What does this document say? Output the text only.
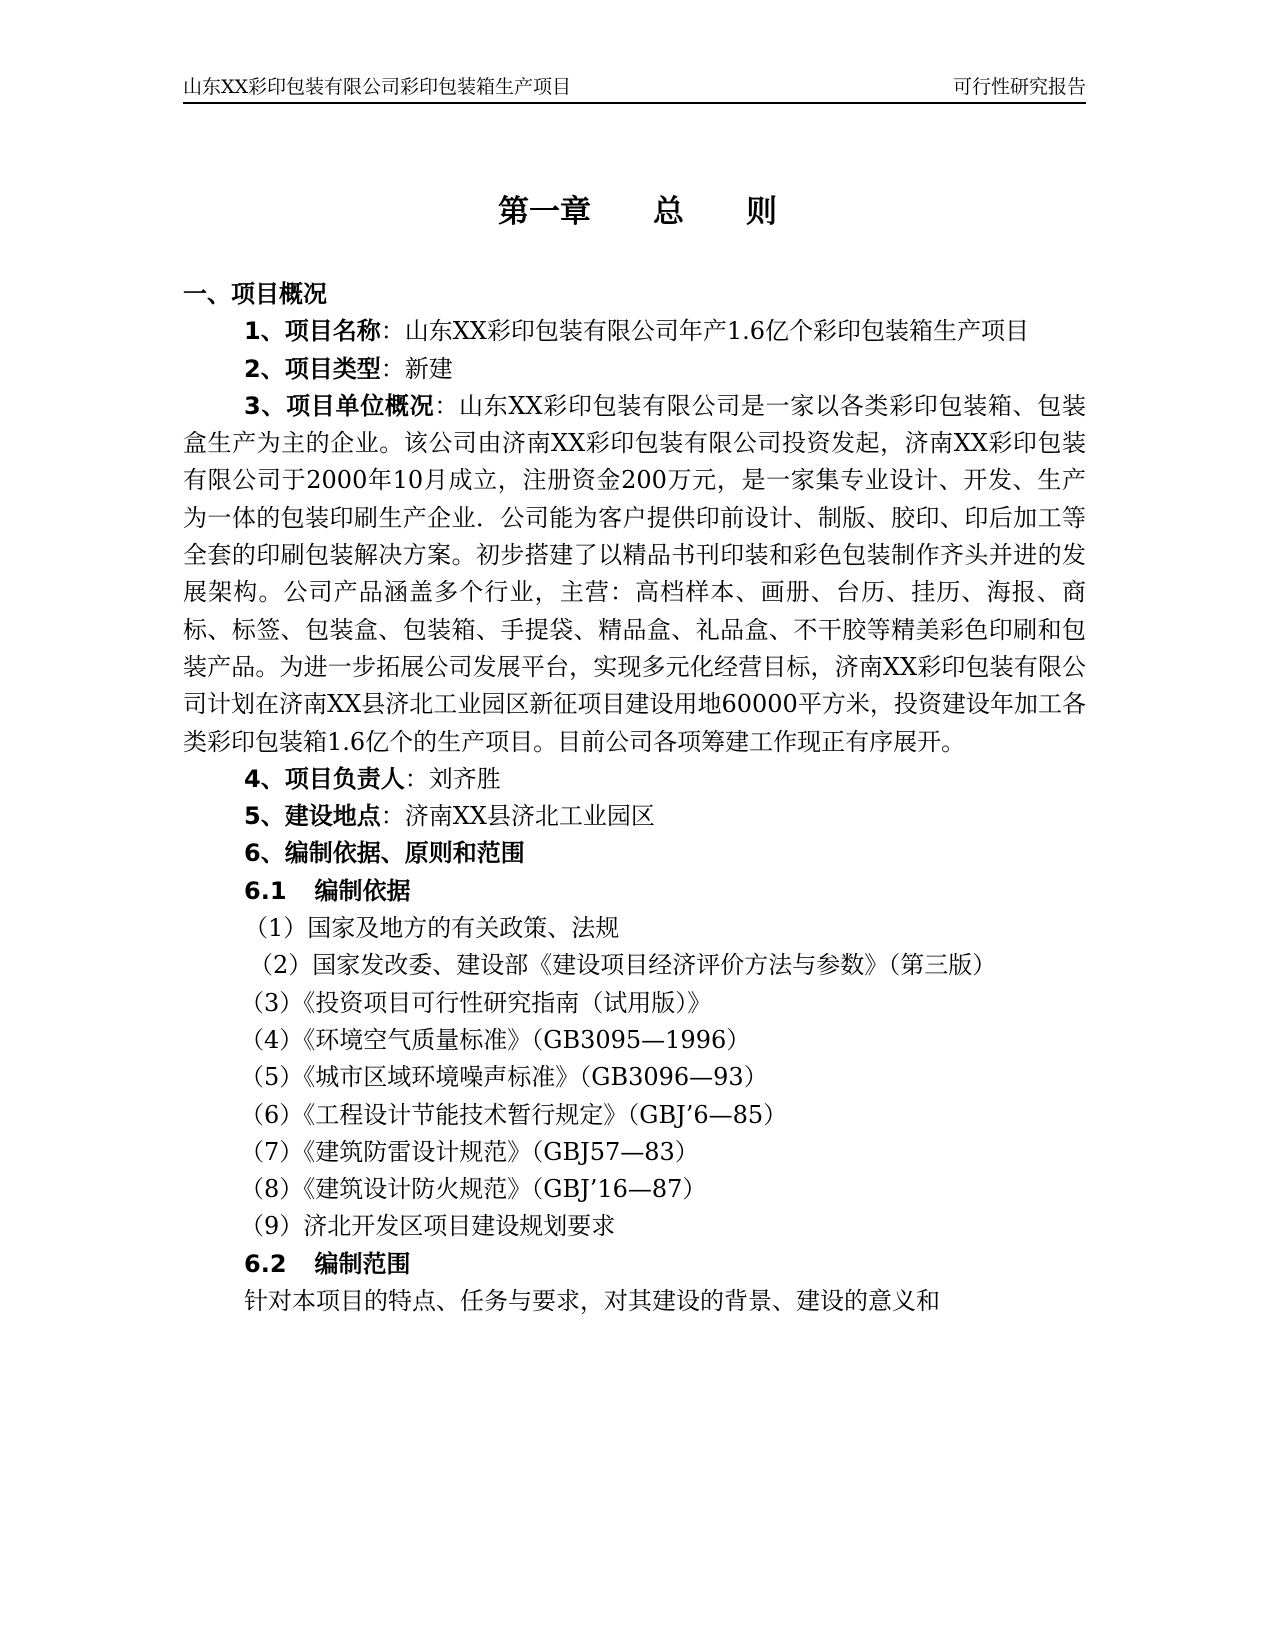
山东XX彩印包装有限公司彩印包装箱生产项目	可行性研究报告
第一章　　总　　则

一、项目概况

1、项目名称：山东XX彩印包装有限公司年产1.6亿个彩印包装箱生产项目

2、项目类型：新建

3、项目单位概况：山东XX彩印包装有限公司是一家以各类彩印包装箱、包装盒生产为主的企业。该公司由济南XX彩印包装有限公司投资发起，济南XX彩印包装有限公司于2000年10月成立，注册资金200万元，是一家集专业设计、开发、生产为一体的包装印刷生产企业．公司能为客户提供印前设计、制版、胶印、印后加工等全套的印刷包装解决方案。初步搭建了以精品书刊印装和彩色包装制作齐头并进的发展架构。公司产品涵盖多个行业，主营：高档样本、画册、台历、挂历、海报、商标、标签、包装盒、包装箱、手提袋、精品盒、礼品盒、不干胶等精美彩色印刷和包装产品。为进一步拓展公司发展平台，实现多元化经营目标，济南XX彩印包装有限公司计划在济南XX县济北工业园区新征项目建设用地60000平方米，投资建设年加工各类彩印包装箱1.6亿个的生产项目。目前公司各项筹建工作现正有序展开。

4、项目负责人：刘齐胜

5、建设地点：济南XX县济北工业园区

6、编制依据、原则和范围

6.1 编制依据

（1）国家及地方的有关政策、法规

（2）国家发改委、建设部《建设项目经济评价方法与参数》（第三版）

（3）《投资项目可行性研究指南（试用版）》

（4）《环境空气质量标准》（GB3095—1996）

（5）《城市区域环境噪声标准》（GB3096—93）

（6）《工程设计节能技术暂行规定》（GBJ’6—85）

（7）《建筑防雷设计规范》（GBJ57—83）

（8）《建筑设计防火规范》（GBJ’16—87）

（9）济北开发区项目建设规划要求

6.2 编制范围

针对本项目的特点、任务与要求，对其建设的背景、建设的意义和
